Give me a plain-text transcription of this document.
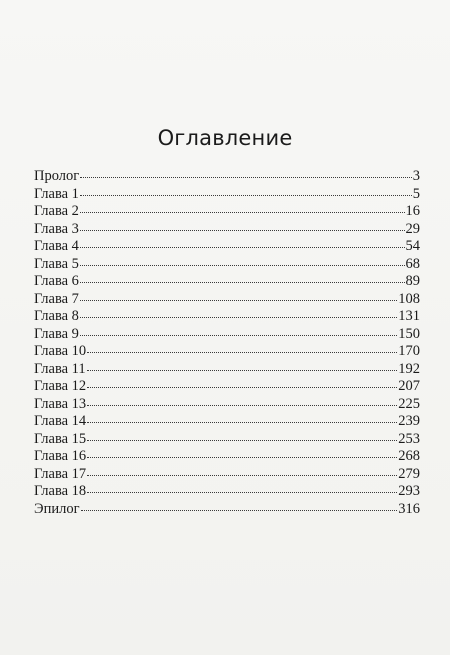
Оглавление
Пролог	3
Глава 1	5
Глава 2	16
Глава 3	29
Глава 4	54
Глава 5	68
Глава 6	89
Глава 7	108
Глава 8	131
Глава 9	150
Глава 10	170
Глава 11	192
Глава 12	207
Глава 13	225
Глава 14	239
Глава 15	253
Глава 16	268
Глава 17	279
Глава 18	293
Эпилог	316
